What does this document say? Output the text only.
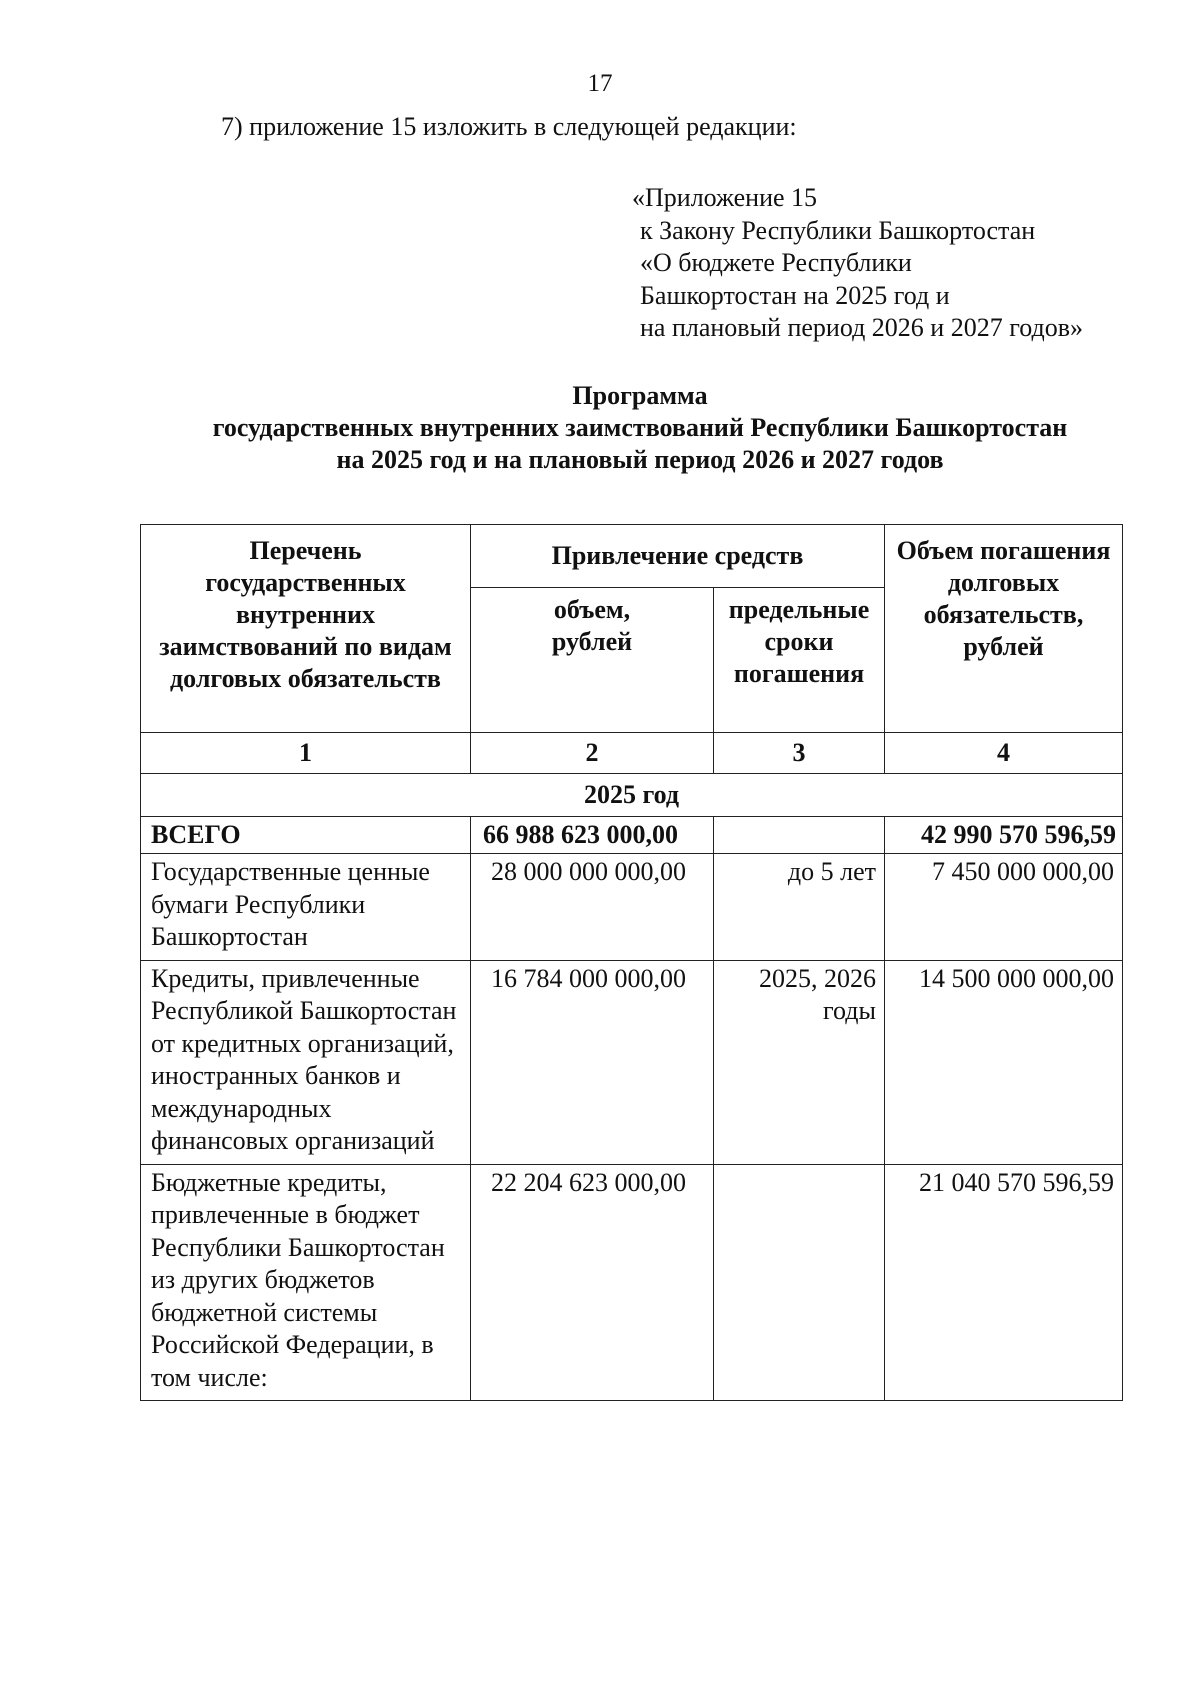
17
7) приложение 15 изложить в следующей редакции:
«Приложение 15
к Закону Республики Башкортостан
«О бюджете Республики
Башкортостан на 2025 год и
на плановый период 2026 и 2027 годов»
Программа
государственных внутренних заимствований Республики Башкортостан
на 2025 год и на плановый период 2026 и 2027 годов
Перечень государственных внутренних заимствований по видам долговых обязательств	Привлечение средств		Объем погашения долговых обязательств, рублей
	объем, рублей	предельные сроки погашения	
1	2	3	4
2025 год			
ВСЕГО	66 988 623 000,00		42 990 570 596,59
Государственные ценные бумаги Республики Башкортостан	28 000 000 000,00	до 5 лет	7 450 000 000,00
Кредиты, привлеченные Республикой Башкортостан от кредитных организаций, иностранных банков и международных финансовых организаций	16 784 000 000,00	2025, 2026 годы	14 500 000 000,00
Бюджетные кредиты, привлеченные в бюджет Республики Башкортостан из других бюджетов бюджетной системы Российской Федерации, в том числе:	22 204 623 000,00		21 040 570 596,59
